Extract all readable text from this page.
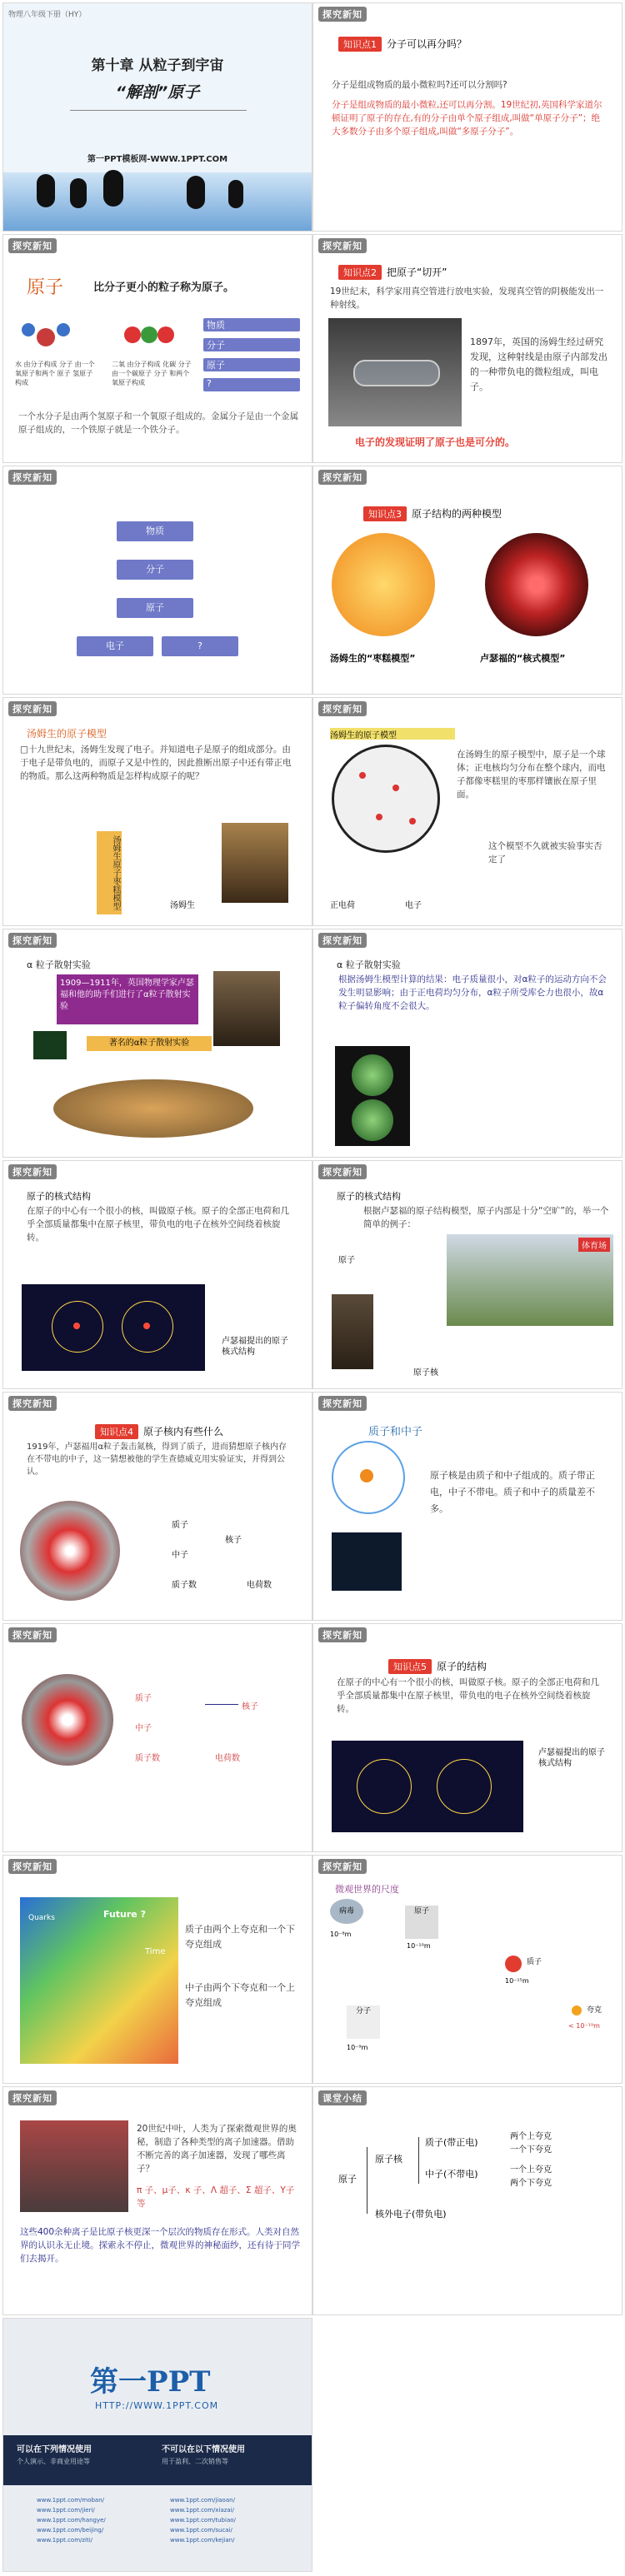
物理八年级下册（HY）
第十章 从粒子到宇宙
“解剖”原子
第一PPT模板网-WWW.1PPT.COM
探究新知
知识点1 分子可以再分吗？
分子是组成物质的最小微粒吗?还可以分割吗?
分子是组成物质的最小微粒,还可以再分割。19世纪初,英国科学家道尔顿证明了原子的存在,有的分子由单个原子组成,叫做“单原子分子”；绝大多数分子由多个原子组成,叫做“多原子分子”。
探究新知
原子	比分子更小的粒子称为原子。
水 由分子构成 分子 由一个氧原子和两个 原子 氢原子构成
二氧 由分子构成 化碳 分子由一个碳原子 分子 和两个氧原子构成
物质
分子
原子
?
一个水分子是由两个氢原子和一个氧原子组成的。金属分子是由一个金属原子组成的，一个铁原子就是一个铁分子。
探究新知
知识点2 把原子“切开”
19世纪末，科学家用真空管进行放电实验，发现真空管的阴极能发出一种射线。
1897年，英国的汤姆生经过研究发现，这种射线是由原子内部发出的一种带负电的微粒组成，叫电子。
电子的发现证明了原子也是可分的。
探究新知
物质
分子
原子
电子	?
探究新知
知识点3 原子结构的两种模型
汤姆生的“枣糕模型”	卢瑟福的“核式模型”
探究新知
汤姆生的原子模型
□十九世纪末，汤姆生发现了电子。并知道电子是原子的组成部分。由于电子是带负电的，而原子又是中性的，因此推断出原子中还有带正电的物质。那么这两种物质是怎样构成原子的呢？
汤姆生原子枣糕模型	汤姆生
探究新知
汤姆生的原子模型
在汤姆生的原子模型中，原子是一个球体；正电核均匀分布在整个球内，而电子都像枣糕里的枣那样镶嵌在原子里面。
正电荷	电子
这个模型不久就被实验事实否定了
探究新知
α 粒子散射实验
1909—1911年，英国物理学家卢瑟福和他的助手们进行了α粒子散射实验
著名的α粒子散射实验
探究新知
α 粒子散射实验
根据汤姆生模型计算的结果：电子质量很小，对α粒子的运动方向不会发生明显影响；由于正电荷均匀分布，α粒子所受库仑力也很小，故α粒子偏转角度不会很大。
探究新知
原子的核式结构
在原子的中心有一个很小的核，叫做原子核。原子的全部正电荷和几乎全部质量都集中在原子核里，带负电的电子在核外空间绕着核旋转。
卢瑟福提出的原子核式结构
探究新知
原子的核式结构
根据卢瑟福的原子结构模型，原子内部是十分“空旷”的，举一个简单的例子：
体育场
原子
原子核
探究新知
知识点4 原子核内有些什么
1919年，卢瑟福用α粒子轰击氮核，得到了质子，进而猜想原子核内存在不带电的中子，这一猜想被他的学生查德威克用实验证实，并得到公认。
质子
中子
核子
质子数	电荷数
探究新知
质子和中子
原子核是由质子和中子组成的。质子带正电，中子不带电。质子和中子的质量差不多。
探究新知
质子
中子
核子
质子数	电荷数
探究新知
知识点5 原子的结构
在原子的中心有一个很小的核，叫做原子核。原子的全部正电荷和几乎全部质量都集中在原子核里，带负电的电子在核外空间绕着核旋转。
卢瑟福提出的原子核式结构
探究新知
Future ?
Time
Quarks
质子由两个上夸克和一个下夸克组成
中子由两个下夸克和一个上夸克组成
探究新知
微观世界的尺度
病毒	原子
质子
分子	夸克
10⁻⁸m
10⁻¹⁰m
10⁻¹⁵m
10⁻⁹m
< 10⁻¹⁹m
探究新知
20世纪中叶，人类为了探索微观世界的奥秘，制造了各种类型的离子加速器。借助不断完善的离子加速器，发现了哪些离子？
π 子、μ子、κ 子、Λ 超子、Σ 超子、Υ子等
这些400余种离子是比原子核更深一个层次的物质存在形式。人类对自然界的认识永无止境。探索永不停止，微观世界的神秘面纱，还有待于同学们去揭开。
课堂小结
原子
原子核
核外电子(带负电)
质子(带正电)
中子(不带电)
两个上夸克
一个下夸克
一个上夸克
两个下夸克
第一PPT
HTTP://WWW.1PPT.COM
可以在下列情况使用
个人演示、非商业用途等
不可以在以下情况使用
用于盈利、二次销售等
www.1ppt.com/moban/
www.1ppt.com/jieri/
www.1ppt.com/hangye/
www.1ppt.com/beijing/
www.1ppt.com/ziti/
www.1ppt.com/jiaoan/
www.1ppt.com/xiazai/
www.1ppt.com/tubiao/
www.1ppt.com/sucai/
www.1ppt.com/kejian/
